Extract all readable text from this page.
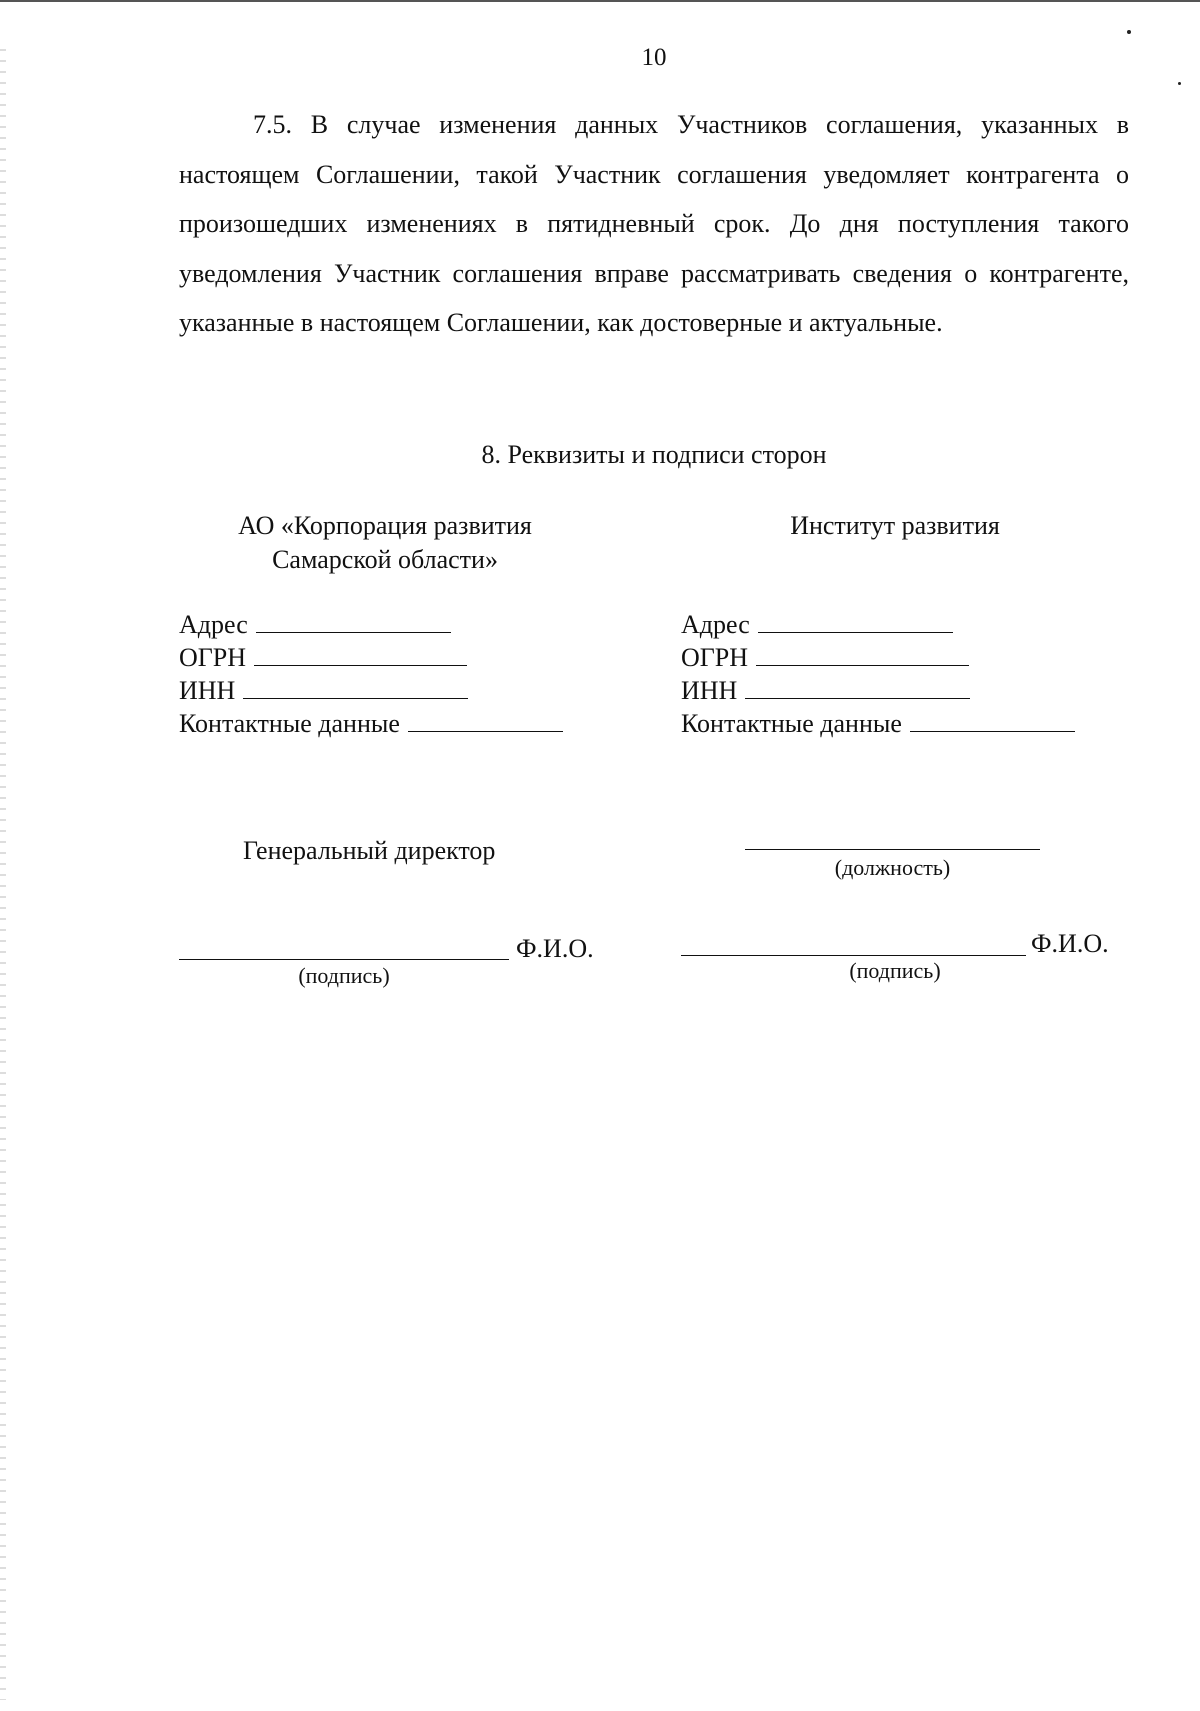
10

7.5. В случае изменения данных Участников соглашения, указанных в настоящем Соглашении, такой Участник соглашения уведомляет контрагента о произошедших изменениях в пятидневный срок. До дня поступления такого уведомления Участник соглашения вправе рассматривать сведения о контрагенте, указанные в настоящем Соглашении, как достоверные и актуальные.

8. Реквизиты и подписи сторон
АО «Корпорация развития
Самарской области»
Институт развития
Адрес
ОГРН
ИНН
Контактные данные
Адрес
ОГРН
ИНН
Контактные данные
Генеральный директор
(должность)
Ф.И.О.
(подпись)
Ф.И.О.
(подпись)
